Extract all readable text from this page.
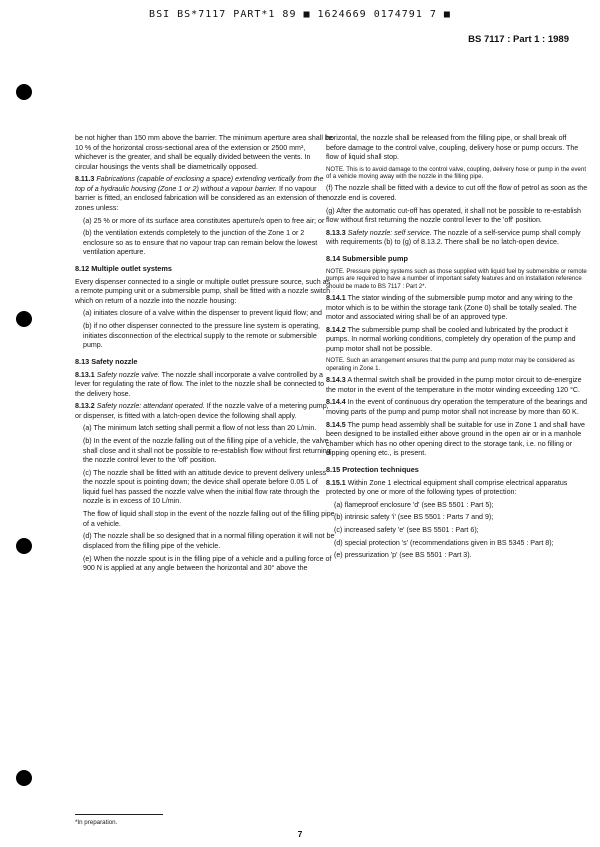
BSI BS*7117 PART*1 89 ■ 1624669 0174791 7 ■
BS 7117 : Part 1 : 1989
be not higher than 150 mm above the barrier. The minimum aperture area shall be 10 % of the horizontal cross-sectional area of the extension or 2500 mm², whichever is the greater, and shall be equally divided between the vents. In circular housings the vents shall be diametrically opposed.
8.11.3 Fabrications (capable of enclosing a space) extending vertically from the top of a hydraulic housing (Zone 1 or 2) without a vapour barrier. If no vapour barrier is fitted, an enclosed fabrication will be considered as an extension of the zones unless:
(a) 25 % or more of its surface area constitutes aperture/s open to free air; or
(b) the ventilation extends completely to the junction of the Zone 1 or 2 enclosure so as to ensure that no vapour trap can remain below the lowest ventilation aperture.
8.12 Multiple outlet systems
Every dispenser connected to a single or multiple outlet pressure source, such as a remote pumping unit or a submersible pump, shall be fitted with a nozzle switch which on return of a nozzle into the nozzle housing:
(a) initiates closure of a valve within the dispenser to prevent liquid flow; and
(b) if no other dispenser connected to the pressure line system is operating, initiates disconnection of the electrical supply to the remote or submersible pump.
8.13 Safety nozzle
8.13.1 Safety nozzle valve. The nozzle shall incorporate a valve controlled by a lever for regulating the rate of flow. The inlet to the nozzle shall be connected to the delivery hose.
8.13.2 Safety nozzle: attendant operated. If the nozzle valve of a metering pump, or dispenser, is fitted with a latch-open device the following shall apply.
(a) The minimum latch setting shall permit a flow of not less than 20 L/min.
(b) In the event of the nozzle falling out of the filling pipe of a vehicle, the valve shall close and it shall not be possible to re-establish flow without first returning the nozzle control lever to the 'off' position.
(c) The nozzle shall be fitted with an attitude device to prevent delivery unless the nozzle spout is pointing down; the device shall operate before 0.05 L of liquid fuel has passed the nozzle valve when the initial flow rate through the nozzle is in excess of 10 L/min.
The flow of liquid shall stop in the event of the nozzle falling out of the filling pipe of a vehicle.
(d) The nozzle shall be so designed that in a normal filling operation it will not be displaced from the filling pipe of the vehicle.
(e) When the nozzle spout is in the filling pipe of a vehicle and a pulling force of 900 N is applied at any angle between the horizontal and 30° above the
horizontal, the nozzle shall be released from the filling pipe, or shall break off before damage to the control valve, coupling, delivery hose or pump occurs. The flow of liquid shall stop.
NOTE. This is to avoid damage to the control valve, coupling, delivery hose or pump in the event of a vehicle moving away with the nozzle in the filling pipe.
(f) The nozzle shall be fitted with a device to cut off the flow of petrol as soon as the nozzle end is covered.
(g) After the automatic cut-off has operated, it shall not be possible to re-establish flow without first returning the nozzle control lever to the 'off' position.
8.13.3 Safety nozzle: self service. The nozzle of a self-service pump shall comply with requirements (b) to (g) of 8.13.2. There shall be no latch-open device.
8.14 Submersible pump
NOTE. Pressure piping systems such as those supplied with liquid fuel by submersible or remote pumps are required to have a number of important safety features and on installation reference should be made to BS 7117 : Part 2*.
8.14.1 The stator winding of the submersible pump motor and any wiring to the motor which is to be within the storage tank (Zone 0) shall be totally sealed. The motor and associated wiring shall be of an approved type.
8.14.2 The submersible pump shall be cooled and lubricated by the product it pumps. In normal working conditions, completely dry operation of the pump and pump motor shall not be possible.
NOTE. Such an arrangement ensures that the pump and pump motor may be considered as operating in Zone 1.
8.14.3 A thermal switch shall be provided in the pump motor circuit to de-energize the motor in the event of the temperature in the motor winding exceeding 120 °C.
8.14.4 In the event of continuous dry operation the temperature of the bearings and moving parts of the pump and pump motor shall not increase by more than 60 K.
8.14.5 The pump head assembly shall be suitable for use in Zone 1 and shall have been designed to be installed either above ground in the open air or in a manhole chamber which has no other opening direct to the storage tank, i.e. no filling or dipping opening etc., is present.
8.15 Protection techniques
8.15.1 Within Zone 1 electrical equipment shall comprise electrical apparatus protected by one or more of the following types of protection:
(a) flameproof enclosure 'd' (see BS 5501 : Part 5);
(b) intrinsic safety 'i' (see BS 5501 : Parts 7 and 9);
(c) increased safety 'e' (see BS 5501 : Part 6);
(d) special protection 's' (recommendations given in BS 5345 : Part 8);
(e) pressurization 'p' (see BS 5501 : Part 3).
*In preparation.
7
